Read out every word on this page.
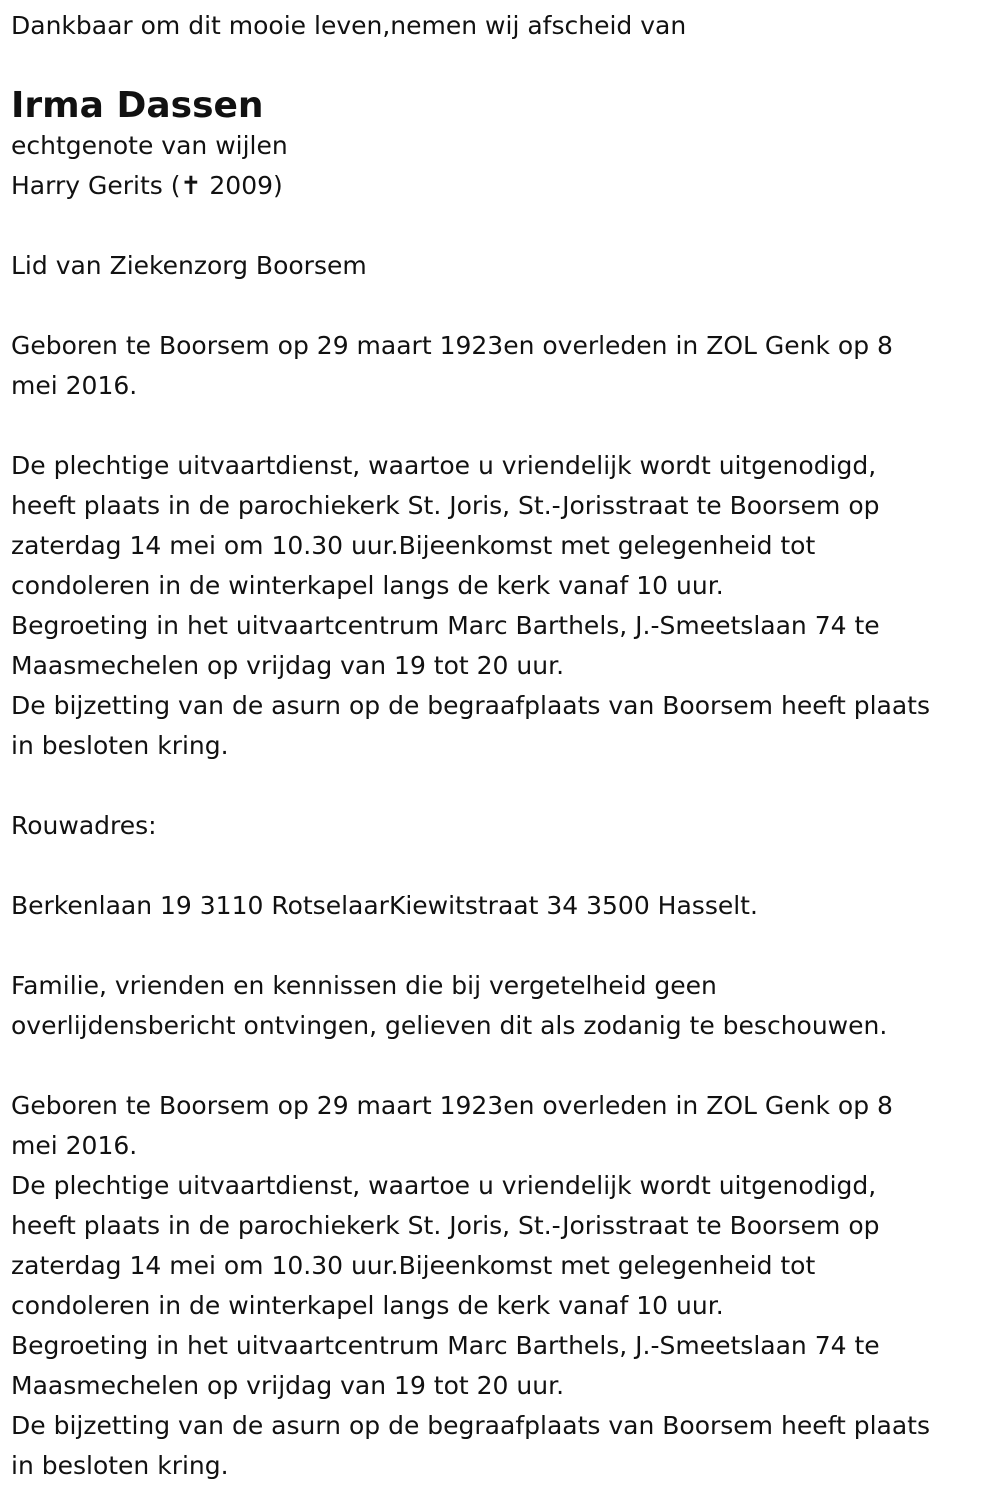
Dankbaar om dit mooie leven,nemen wij afscheid van
Irma Dassen
echtgenote van wijlen
Harry Gerits (✝ 2009)
Lid van Ziekenzorg Boorsem
Geboren te Boorsem op 29 maart 1923en overleden in ZOL Genk op 8
mei 2016.
De plechtige uitvaartdienst, waartoe u vriendelijk wordt uitgenodigd,
heeft plaats in de parochiekerk St. Joris, St.-Jorisstraat te Boorsem op
zaterdag 14 mei om 10.30 uur.Bijeenkomst met gelegenheid tot
condoleren in de winterkapel langs de kerk vanaf 10 uur.
Begroeting in het uitvaartcentrum Marc Barthels, J.-Smeetslaan 74 te
Maasmechelen op vrijdag van 19 tot 20 uur.
De bijzetting van de asurn op de begraafplaats van Boorsem heeft plaats
in besloten kring.
Rouwadres:
Berkenlaan 19 3110 RotselaarKiewitstraat 34 3500 Hasselt.
Familie, vrienden en kennissen die bij vergetelheid geen
overlijdensbericht ontvingen, gelieven dit als zodanig te beschouwen.
Geboren te Boorsem op 29 maart 1923en overleden in ZOL Genk op 8
mei 2016.
De plechtige uitvaartdienst, waartoe u vriendelijk wordt uitgenodigd,
heeft plaats in de parochiekerk St. Joris, St.-Jorisstraat te Boorsem op
zaterdag 14 mei om 10.30 uur.Bijeenkomst met gelegenheid tot
condoleren in de winterkapel langs de kerk vanaf 10 uur.
Begroeting in het uitvaartcentrum Marc Barthels, J.-Smeetslaan 74 te
Maasmechelen op vrijdag van 19 tot 20 uur.
De bijzetting van de asurn op de begraafplaats van Boorsem heeft plaats
in besloten kring.
